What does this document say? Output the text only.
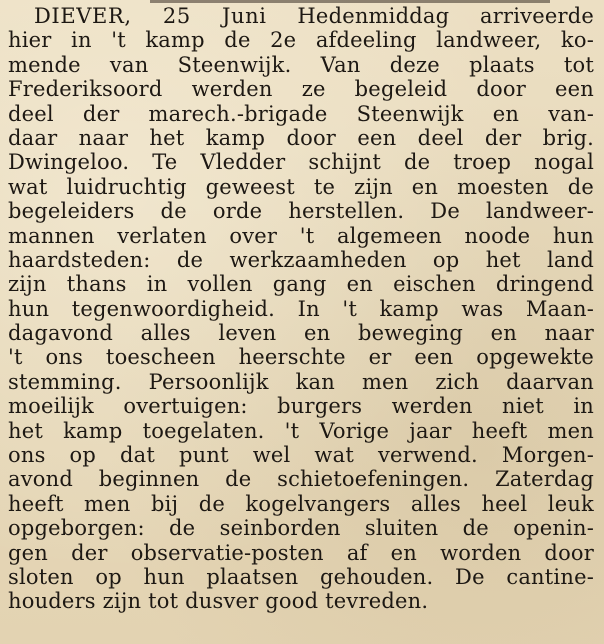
DIEVER, 25 Juni Hedenmiddag arriveerde
hier in 't kamp de 2e afdeeling landweer, ko-
mende van Steenwijk. Van deze plaats tot
Frederiksoord werden ze begeleid door een
deel der marech.-brigade Steenwijk en van-
daar naar het kamp door een deel der brig.
Dwingeloo. Te Vledder schijnt de troep nogal
wat luidruchtig geweest te zijn en moesten de
begeleiders de orde herstellen. De landweer-
mannen verlaten over 't algemeen noode hun
haardsteden: de werkzaamheden op het land
zijn thans in vollen gang en eischen dringend
hun tegenwoordigheid. In 't kamp was Maan-
dagavond alles leven en beweging en naar
't ons toescheen heerschte er een opgewekte
stemming. Persoonlijk kan men zich daarvan
moeilijk overtuigen: burgers werden niet in
het kamp toegelaten. 't Vorige jaar heeft men
ons op dat punt wel wat verwend. Morgen-
avond beginnen de schietoefeningen. Zaterdag
heeft men bij de kogelvangers alles heel leuk
opgeborgen: de seinborden sluiten de openin-
gen der observatie-posten af en worden door
sloten op hun plaatsen gehouden. De cantine-
houders zijn tot dusver good tevreden.
